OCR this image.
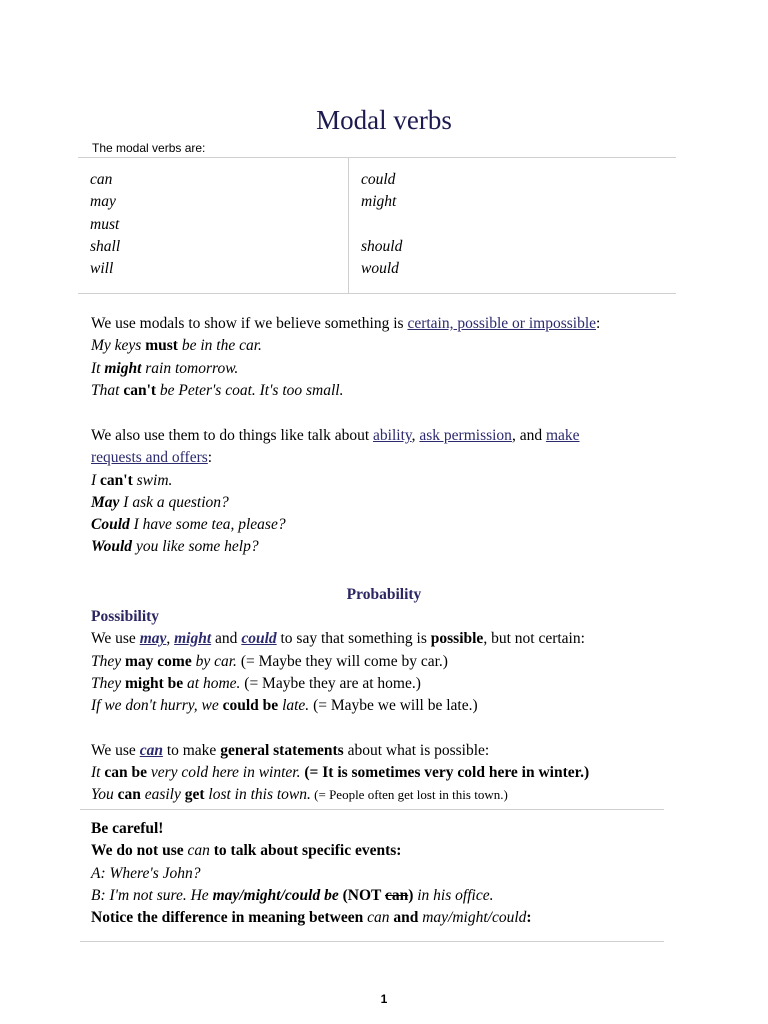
Modal verbs
The modal verbs are:
can
may
must
shall
will
could
might
should
would
We use modals to show if we believe something is certain, possible or impossible:
My keys must be in the car.
It might rain tomorrow.
That can't be Peter's coat. It's too small.
We also use them to do things like talk about ability, ask permission, and make
requests and offers:
I can't swim.
May I ask a question?
Could I have some tea, please?
Would you like some help?
Probability
Possibility
We use may, might and could to say that something is possible, but not certain:
They may come by car. (= Maybe they will come by car.)
They might be at home. (= Maybe they are at home.)
If we don't hurry, we could be late. (= Maybe we will be late.)
We use can to make general statements about what is possible:
It can be very cold here in winter. (= It is sometimes very cold here in winter.)
You can easily get lost in this town. (= People often get lost in this town.)
Be careful!
We do not use can to talk about specific events:
A: Where's John?
B: I'm not sure. He may/might/could be (NOT can) in his office.
Notice the difference in meaning between can and may/might/could:
1
